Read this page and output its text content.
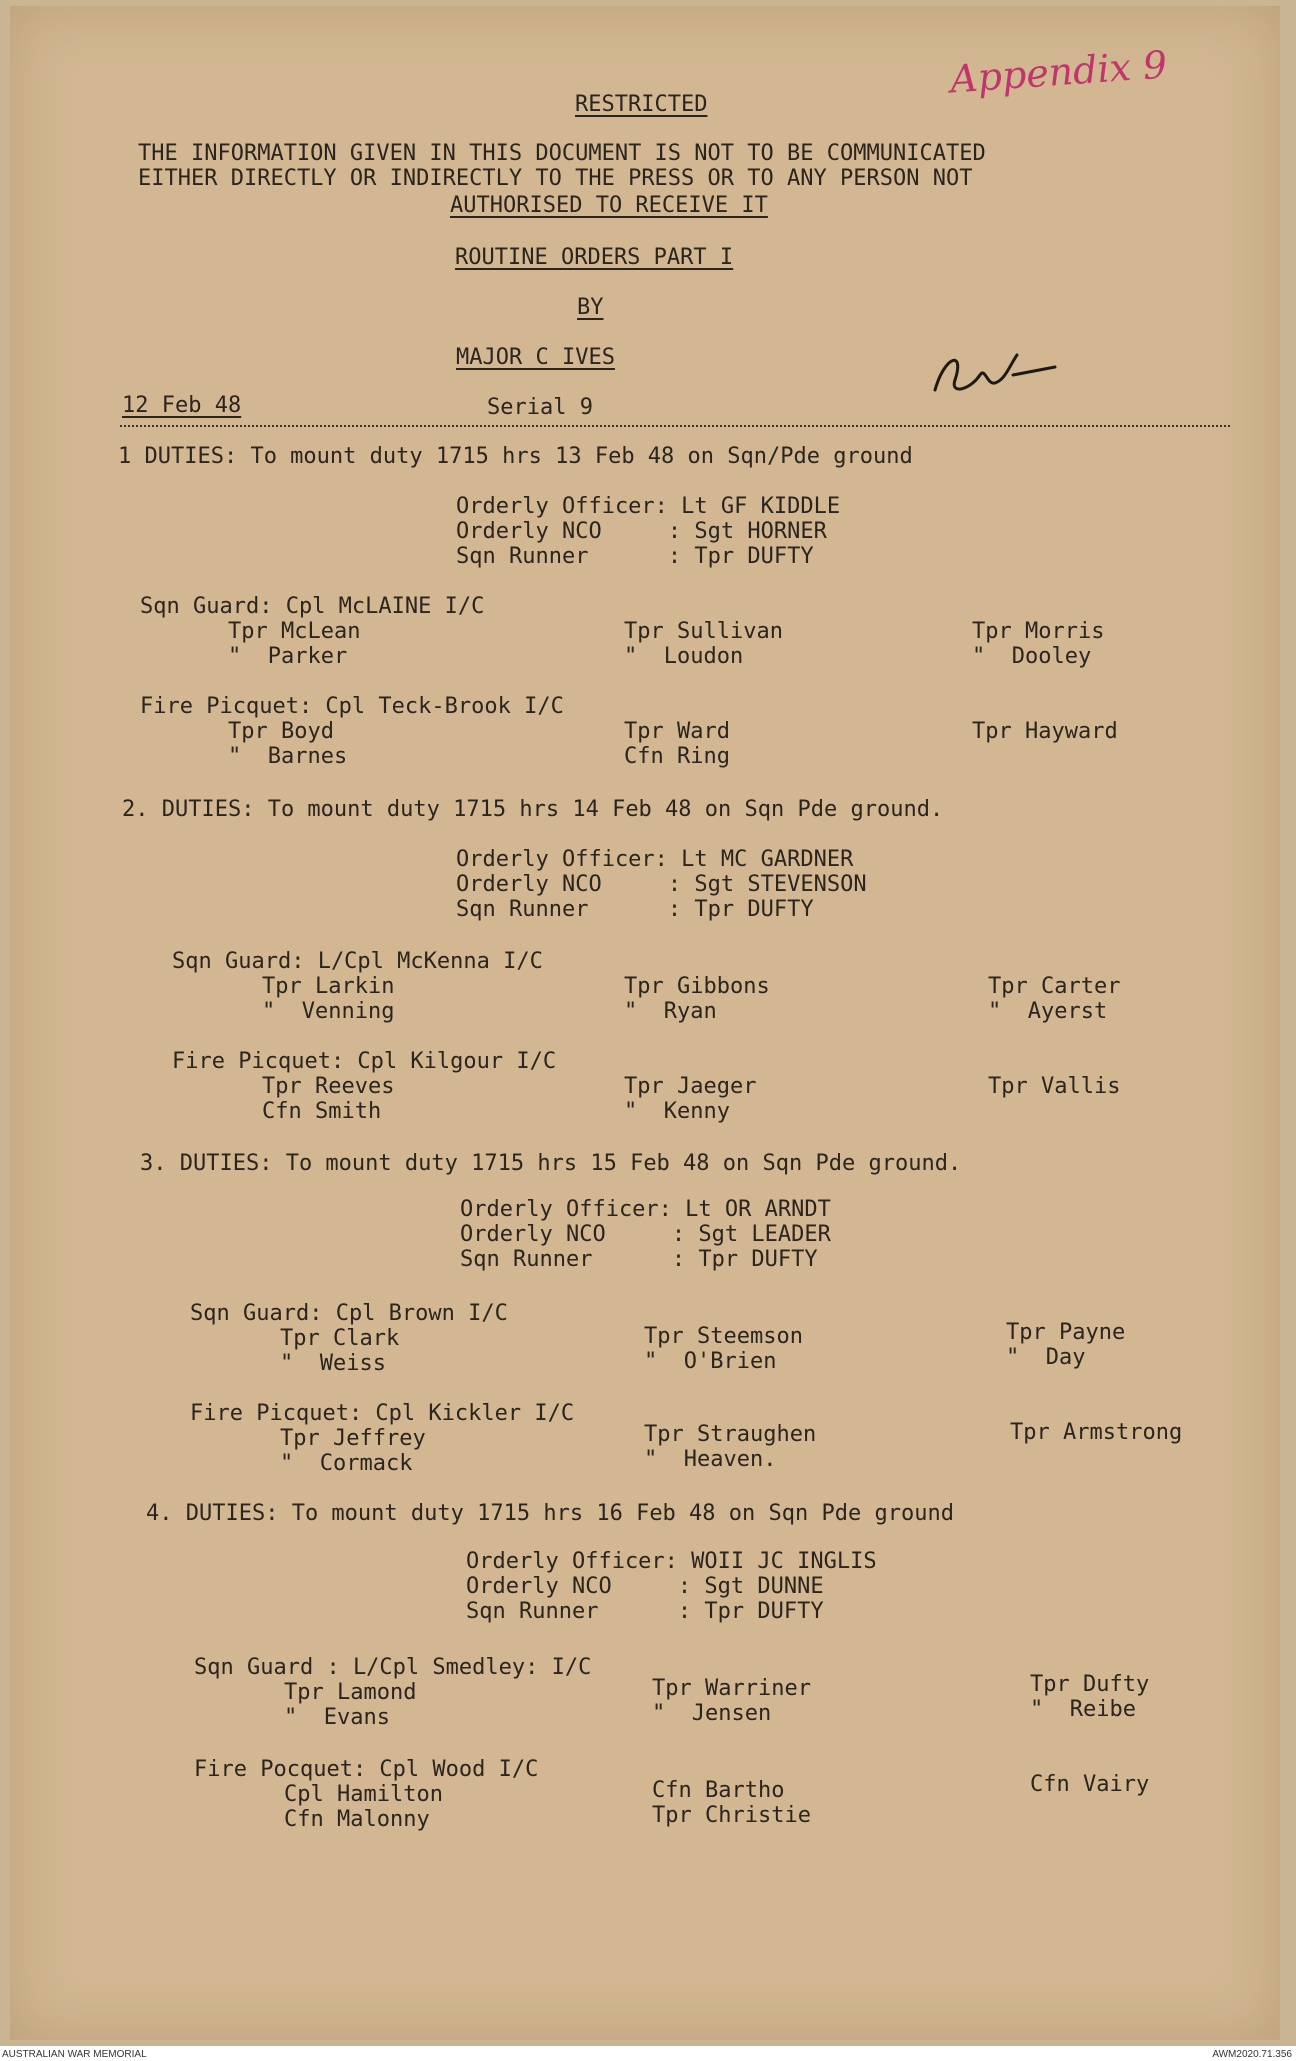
Appendix 9
RESTRICTED
THE INFORMATION GIVEN IN THIS DOCUMENT IS NOT TO BE COMMUNICATED
EITHER DIRECTLY OR INDIRECTLY TO THE PRESS OR TO ANY PERSON NOT
AUTHORISED TO RECEIVE IT
ROUTINE ORDERS PART I
BY
MAJOR C IVES
12 Feb 48	Serial 9
1 DUTIES: To mount duty 1715 hrs 13 Feb 48 on Sqn/Pde ground
Orderly Officer: Lt GF KIDDLE
Orderly NCO     : Sgt HORNER
Sqn Runner      : Tpr DUFTY
Sqn Guard: Cpl McLAINE I/C
Tpr McLean
"  Parker
Tpr Sullivan
"  Loudon
Tpr Morris
"  Dooley
Fire Picquet: Cpl Teck-Brook I/C
Tpr Boyd
"  Barnes
Tpr Ward
Cfn Ring
Tpr Hayward
2. DUTIES: To mount duty 1715 hrs 14 Feb 48 on Sqn Pde ground.
Orderly Officer: Lt MC GARDNER
Orderly NCO     : Sgt STEVENSON
Sqn Runner      : Tpr DUFTY
Sqn Guard: L/Cpl McKenna I/C
Tpr Larkin
"  Venning
Tpr Gibbons
"  Ryan
Tpr Carter
"  Ayerst
Fire Picquet: Cpl Kilgour I/C
Tpr Reeves
Cfn Smith
Tpr Jaeger
"  Kenny
Tpr Vallis
3. DUTIES: To mount duty 1715 hrs 15 Feb 48 on Sqn Pde ground.
Orderly Officer: Lt OR ARNDT
Orderly NCO     : Sgt LEADER
Sqn Runner      : Tpr DUFTY
Sqn Guard: Cpl Brown I/C
Tpr Clark
"  Weiss
Tpr Steemson
"  O'Brien
Tpr Payne
"  Day
Fire Picquet: Cpl Kickler I/C
Tpr Jeffrey
"  Cormack
Tpr Straughen
"  Heaven.
Tpr Armstrong
4. DUTIES: To mount duty 1715 hrs 16 Feb 48 on Sqn Pde ground
Orderly Officer: WOII JC INGLIS
Orderly NCO     : Sgt DUNNE
Sqn Runner      : Tpr DUFTY
Sqn Guard : L/Cpl Smedley: I/C
Tpr Lamond
"  Evans
Tpr Warriner
"  Jensen
Tpr Dufty
"  Reibe
Fire Pocquet: Cpl Wood I/C
Cpl Hamilton
Cfn Malonny
Cfn Bartho
Tpr Christie
Cfn Vairy
AUSTRALIAN WAR MEMORIAL	AWM2020.71.356
